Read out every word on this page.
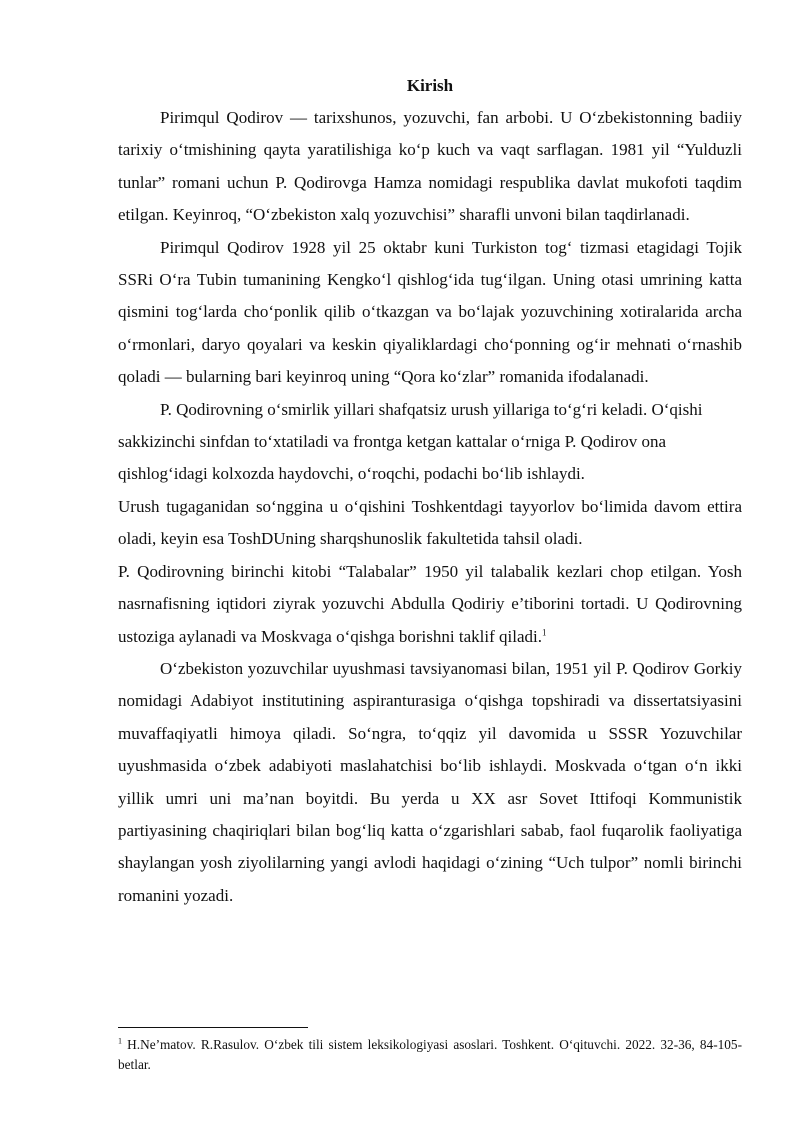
Kirish

Pirimqul Qodirov — tarixshunos, yozuvchi, fan arbobi. U O‘zbekistonning badiiy tarixiy o‘tmishining qayta yaratilishiga ko‘p kuch va vaqt sarflagan. 1981 yil “Yulduzli tunlar” romani uchun P. Qodirovga Hamza nomidagi respublika davlat mukofoti taqdim etilgan. Keyinroq, “O‘zbekiston xalq yozuvchisi” sharafli unvoni bilan taqdirlanadi.

Pirimqul Qodirov 1928 yil 25 oktabr kuni Turkiston tog‘ tizmasi etagidagi Tojik SSRi O‘ra Tubin tumanining Kengko‘l qishlog‘ida tug‘ilgan. Uning otasi umrining katta qismini tog‘larda cho‘ponlik qilib o‘tkazgan va bo‘lajak yozuvchining xotiralarida archa o‘rmonlari, daryo qoyalari va keskin qiyaliklardagi cho‘ponning og‘ir mehnati o‘rnashib qoladi — bularning bari keyinroq uning “Qora ko‘zlar” romanida ifodalanadi.

P. Qodirovning o‘smirlik yillari shafqatsiz urush yillariga to‘g‘ri keladi. O‘qishi sakkizinchi sinfdan to‘xtatiladi va frontga ketgan kattalar o‘rniga P. Qodirov ona qishlog‘idagi kolxozda haydovchi, o‘roqchi, podachi bo‘lib ishlaydi.

Urush tugaganidan so‘nggina u o‘qishini Toshkentdagi tayyorlov bo‘limida davom ettira oladi, keyin esa ToshDUning sharqshunoslik fakultetida tahsil oladi.

P. Qodirovning birinchi kitobi “Talabalar” 1950 yil talabalik kezlari chop etilgan. Yosh nasrnafisning iqtidori ziyrak yozuvchi Abdulla Qodiriy e’tiborini tortadi. U Qodirovning ustoziga aylanadi va Moskvaga o‘qishga borishni taklif qiladi.$^1$

O‘zbekiston yozuvchilar uyushmasi tavsiyanomasi bilan, 1951 yil P. Qodirov Gorkiy nomidagi Adabiyot institutining aspiranturasiga o‘qishga topshiradi va dissertatsiyasini muvaffaqiyatli himoya qiladi. So‘ngra, to‘qqiz yil davomida u SSSR Yozuvchilar uyushmasida o‘zbek adabiyoti maslahatchisi bo‘lib ishlaydi. Moskvada o‘tgan o‘n ikki yillik umri uni ma’nan boyitdi. Bu yerda u XX asr Sovet Ittifoqi Kommunistik partiyasining chaqiriqlari bilan bog‘liq katta o‘zgarishlari sabab, faol fuqarolik faoliyatiga shaylangan yosh ziyolilarning yangi avlodi haqidagi o‘zining “Uch tulpor” nomli birinchi romanini yozadi.

$^1$ H.Ne’matov. R.Rasulov. O‘zbek tili sistem leksikologiyasi asoslari. Toshkent. O‘qituvchi. 2022. 32-36, 84-105- betlar.
